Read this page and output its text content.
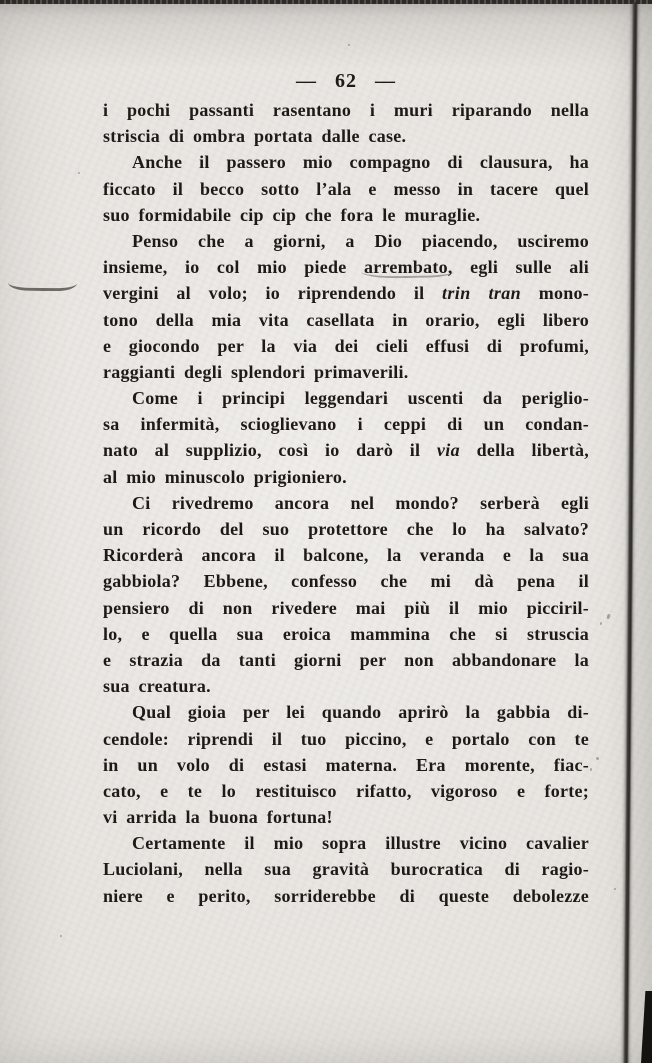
— 62 —
i pochi passanti rasentano i muri riparando nella
striscia di ombra portata dalle case.
Anche il passero mio compagno di clausura, ha
ficcato il becco sotto l’ala e messo in tacere quel
suo formidabile cip cip che fora le muraglie.
Penso che a giorni, a Dio piacendo, usciremo
insieme, io col mio piede arrembato, egli sulle ali
vergini al volo; io riprendendo il trin tran mono-
tono della mia vita casellata in orario, egli libero
e giocondo per la via dei cieli effusi di profumi,
raggianti degli splendori primaverili.
Come i principi leggendari uscenti da periglio-
sa infermità, scioglievano i ceppi di un condan-
nato al supplizio, così io darò il via della libertà,
al mio minuscolo prigioniero.
Ci rivedremo ancora nel mondo? serberà egli
un ricordo del suo protettore che lo ha salvato?
Ricorderà ancora il balcone, la veranda e la sua
gabbiola? Ebbene, confesso che mi dà pena il
pensiero di non rivedere mai più il mio picciril-
lo, e quella sua eroica mammina che si struscia
e strazia da tanti giorni per non abbandonare la
sua creatura.
Qual gioia per lei quando aprirò la gabbia di-
cendole: riprendi il tuo piccino, e portalo con te
in un volo di estasi materna. Era morente, fiac-
cato, e te lo restituisco rifatto, vigoroso e forte;
vi arrida la buona fortuna!
Certamente il mio sopra illustre vicino cavalier
Luciolani, nella sua gravità burocratica di ragio-
niere e perito, sorriderebbe di queste debolezze
